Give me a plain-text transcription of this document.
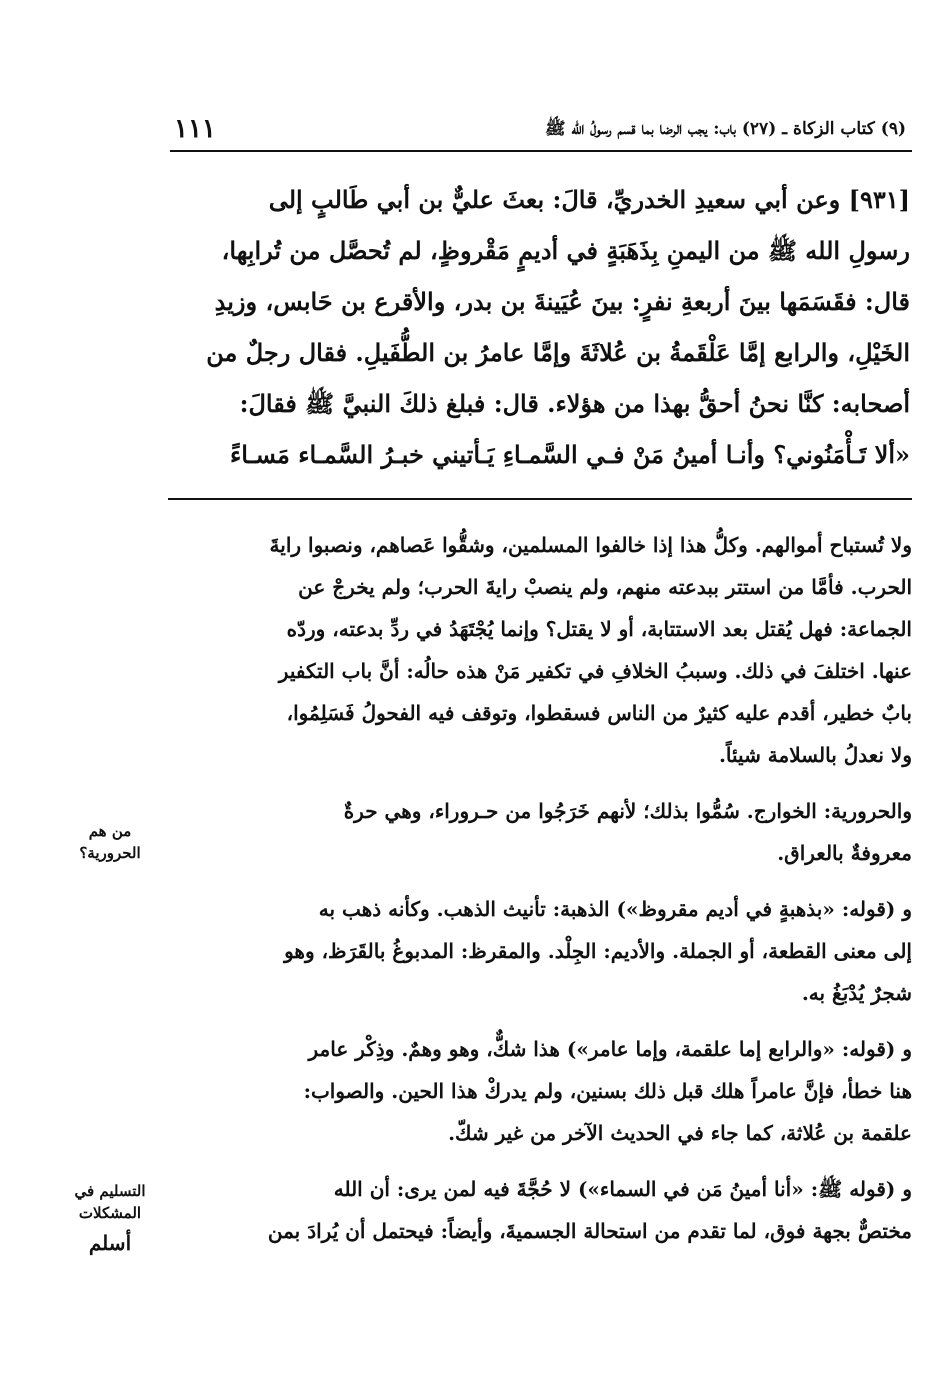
(٩) كتاب الزكاة ـ (٢٧) باب: يجب الرضا بما قسم رسولُ الله ﷺ
١١١

[٩٣١] وعن أبي سعيدِ الخدريِّ، قالَ: بعثَ عليٌّ بن أبي طَالبٍ إلى

رسولِ الله ﷺ من اليمنِ بِذَهَبَةٍ في أديمٍ مَقْروظٍ، لم تُحصَّل من تُرابِها،

قال: فقَسَمَها بينَ أربعةِ نفرٍ: بينَ عُيَينةَ بن بدر، والأقرع بن حَابس، وزيدِ

الخَيْلِ، والرابع إمَّا عَلْقَمةُ بن عُلاثَةَ وإمَّا عامرُ بن الطُّفَيلِ. فقال رجلٌ من

أصحابه: كنَّا نحنُ أحقُّ بهذا من هؤلاء. قال: فبلغ ذلكَ النبيَّ ﷺ فقالَ:

«ألا تَـأْمَنُوني؟ وأنـا أمينُ مَنْ فـي السَّمـاءِ يَـأتيني خبـرُ السَّمـاء مَسـاءً

ولا تُستباح أموالهم. وكلُّ هذا إذا خالفوا المسلمين، وشقُّوا عَصاهم، ونصبوا رايةَ
الحرب. فأمَّا من استتر ببدعته منهم، ولم ينصبْ رايةَ الحرب؛ ولم يخرجْ عن
الجماعة: فهل يُقتل بعد الاستتابة، أو لا يقتل؟ وإنما يُجْتَهَدُ في ردِّ بدعته، وردّه
عنها. اختلفَ في ذلك. وسببُ الخلافِ في تكفير مَنْ هذه حالُه: أنَّ باب التكفير
بابٌ خطير، أقدم عليه كثيرٌ من الناس فسقطوا، وتوقف فيه الفحولُ فَسَلِمُوا،
ولا نعدلُ بالسلامة شيئاً.
والحرورية: الخوارج. سُمُّوا بذلك؛ لأنهم خَرَجُوا من حـروراء، وهي حرةٌ
معروفةٌ بالعراق.
و (قوله: «بذهبةٍ في أديم مقروظ») الذهبة: تأنيث الذهب. وكأنه ذهب به
إلى معنى القطعة، أو الجملة. والأديم: الجِلْد. والمقرظ: المدبوغُ بالقَرَظ، وهو
شجرٌ يُدْبَغُ به.
و (قوله: «والرابع إما علقمة، وإما عامر») هذا شكٌّ، وهو وهمٌ. وذِكْر عامر
هنا خطأ، فإنَّ عامراً هلك قبل ذلك بسنين، ولم يدركْ هذا الحين. والصواب:
علقمة بن عُلاثة، كما جاء في الحديث الآخر من غير شكّ.
و (قوله ﷺ: «أنا أمينُ مَن في السماء») لا حُجَّةَ فيه لمن يرى: أن الله
مختصٌّ بجهة فوق، لما تقدم من استحالة الجسميةَ، وأيضاً: فيحتمل أن يُرادَ بمن
من هم
الحرورية؟
التسليم في
المشكلات
أسلم
